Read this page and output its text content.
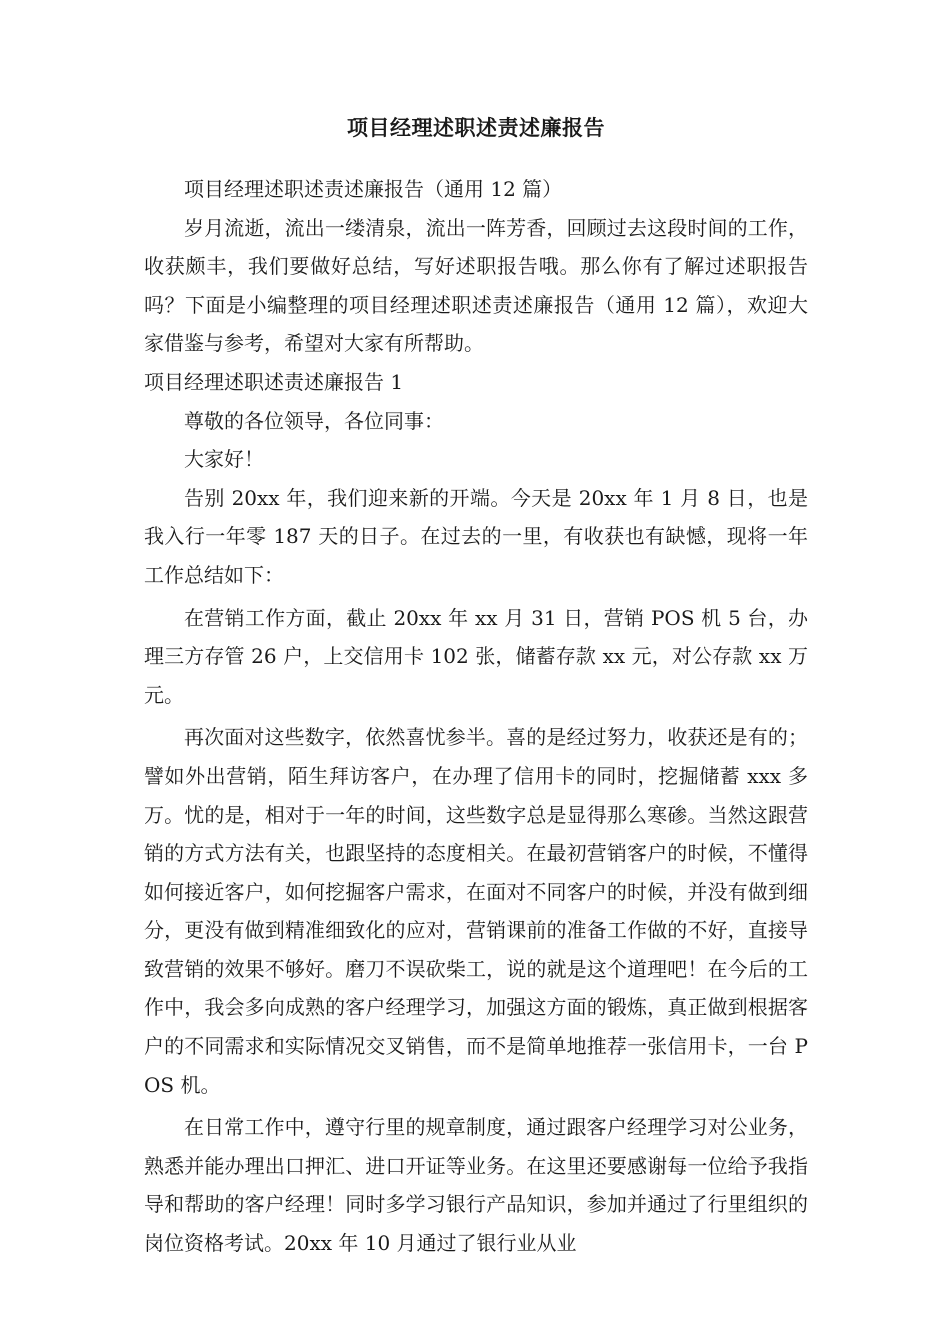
项目经理述职述责述廉报告

项目经理述职述责述廉报告（通用 12 篇）

岁月流逝，流出一缕清泉，流出一阵芳香，回顾过去这段时间的工作，收获颇丰，我们要做好总结，写好述职报告哦。那么你有了解过述职报告吗？下面是小编整理的项目经理述职述责述廉报告（通用 12 篇），欢迎大家借鉴与参考，希望对大家有所帮助。

项目经理述职述责述廉报告 1

尊敬的各位领导，各位同事：

大家好！

告别 20xx 年，我们迎来新的开端。今天是 20xx 年 1 月 8 日，也是我入行一年零 187 天的日子。在过去的一里，有收获也有缺憾，现将一年工作总结如下：

在营销工作方面，截止 20xx 年 xx 月 31 日，营销 POS 机 5 台，办理三方存管 26 户，上交信用卡 102 张，储蓄存款 xx 元，对公存款 xx 万元。

再次面对这些数字，依然喜忧参半。喜的是经过努力，收获还是有的；譬如外出营销，陌生拜访客户，在办理了信用卡的同时，挖掘储蓄 xxx 多万。忧的是，相对于一年的时间，这些数字总是显得那么寒碜。当然这跟营销的方式方法有关，也跟坚持的态度相关。在最初营销客户的时候，不懂得如何接近客户，如何挖掘客户需求，在面对不同客户的时候，并没有做到细分，更没有做到精准细致化的应对，营销课前的准备工作做的不好，直接导致营销的效果不够好。磨刀不误砍柴工，说的就是这个道理吧！在今后的工作中，我会多向成熟的客户经理学习，加强这方面的锻炼，真正做到根据客户的不同需求和实际情况交叉销售，而不是简单地推荐一张信用卡，一台 POS 机。

在日常工作中，遵守行里的规章制度，通过跟客户经理学习对公业务，熟悉并能办理出口押汇、进口开证等业务。在这里还要感谢每一位给予我指导和帮助的客户经理！同时多学习银行产品知识，参加并通过了行里组织的岗位资格考试。20xx 年 10 月通过了银行业从业
